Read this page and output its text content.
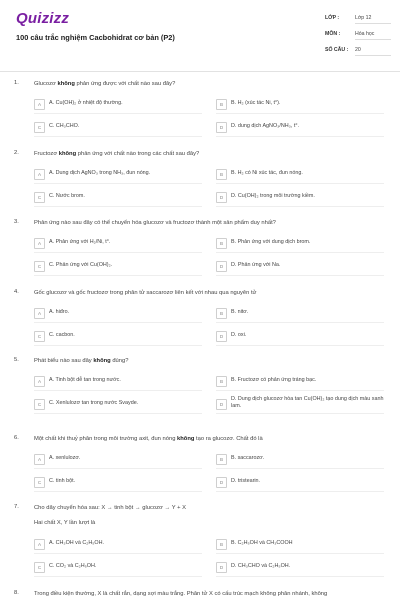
Quizizz
100 câu trắc nghiệm Cacbohidrat cơ bản (P2)
LỚP :	Lớp 12
MÔN :	Hóa học
SỐ CÂU : 20
1.	Glucozơ không phản ứng được với chất nào sau đây?
A	A. Cu(OH)₂ ở nhiệt độ thường.	B	B. H₂ (xúc tác Ni, t°).
C	C. CH₃CHO.	D	D. dung dịch AgNO₃/NH₃, t°.
2.	Fructozơ không phản ứng với chất nào trong các chất sau đây?
A	A. Dung dịch AgNO₃ trong NH₃, đun nóng.	B	B. H₂ có Ni xúc tác, đun nóng.
C	C. Nước brom.	D	D. Cu(OH)₂ trong môi trường kiềm.
3.	Phản ứng nào sau đây có thể chuyển hóa glucozơ và fructozơ thành một sản phẩm duy nhất?
A	A. Phản ứng với H₂/Ni, t°.	B	B. Phản ứng với dung dịch brom.
C	C. Phản ứng với Cu(OH)₂.	D	D. Phản ứng với Na.
4.	Gốc glucozơ và gốc fructozơ trong phân tử saccarozơ liên kết với nhau qua nguyên tử
A	A. hiđro.	B	B. nitơ.
C	C. cacbon.	D	D. oxi.
5.	Phát biểu nào sau đây không đúng?
A	A. Tinh bột dễ tan trong nước.	B	B. Fructozơ có phản ứng tráng bạc.
C	C. Xenlulozơ tan trong nước Svayde.	D
D. Dung dịch glucozơ hòa tan Cu(OH)₂ tạo dung dịch màu xanh lam.
6.	Một chất khi thuỷ phân trong môi trường axit, đun nóng không tạo ra glucozơ. Chất đó là
A	A. xenlulozơ.	B	B. saccarozơ.
C	C. tinh bột.	D	D. tristearin.
7.	Cho dãy chuyển hóa sau: X → tinh bột → glucozơ → Y + X
Hai chất X, Y lần lượt là
A	A. CH₃OH và C₂H₅OH.	B	B. C₂H₅OH và CH₃COOH
C	C. CO₂ và C₂H₅OH.	D	D. CH₃CHO và C₂H₅OH.
8.	Trong điều kiện thường, X là chất rắn, dạng sợi màu trắng. Phân tử X có cấu trúc mạch không phân nhánh, không
